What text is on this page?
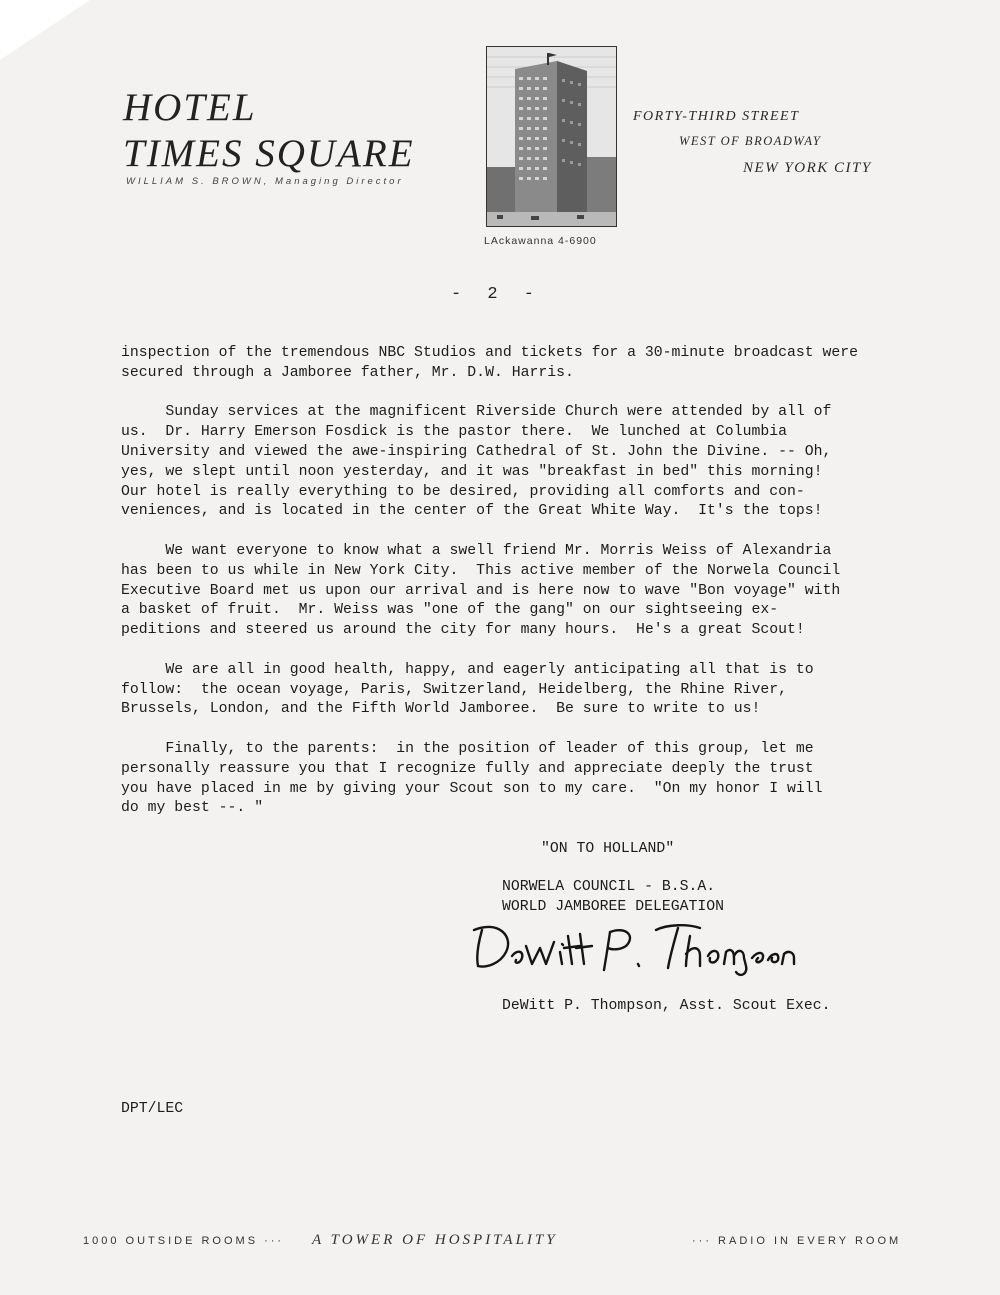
HOTEL
TIMES SQUARE
WILLIAM S. BROWN, Managing Director
LAckawanna 4-6900
FORTY-THIRD STREET
WEST OF BROADWAY
NEW YORK CITY
- 2 -

inspection of the tremendous NBC Studios and tickets for a 30-minute broadcast were
secured through a Jamboree father, Mr. D.W. Harris.

Sunday services at the magnificent Riverside Church were attended by all of
us.  Dr. Harry Emerson Fosdick is the pastor there.  We lunched at Columbia
University and viewed the awe-inspiring Cathedral of St. John the Divine. -- Oh,
yes, we slept until noon yesterday, and it was "breakfast in bed" this morning!
Our hotel is really everything to be desired, providing all comforts and con-
veniences, and is located in the center of the Great White Way.  It's the tops!

We want everyone to know what a swell friend Mr. Morris Weiss of Alexandria
has been to us while in New York City.  This active member of the Norwela Council
Executive Board met us upon our arrival and is here now to wave "Bon voyage" with
a basket of fruit.  Mr. Weiss was "one of the gang" on our sightseeing ex-
peditions and steered us around the city for many hours.  He's a great Scout!

We are all in good health, happy, and eagerly anticipating all that is to
follow:  the ocean voyage, Paris, Switzerland, Heidelberg, the Rhine River,
Brussels, London, and the Fifth World Jamboree.  Be sure to write to us!

Finally, to the parents:  in the position of leader of this group, let me
personally reassure you that I recognize fully and appreciate deeply the trust
you have placed in me by giving your Scout son to my care.  "On my honor I will
do my best --. "

"ON TO HOLLAND"
NORWELA COUNCIL - B.S.A.
WORLD JAMBOREE DELEGATION
DeWitt P. Thompson, Asst. Scout Exec.
DPT/LEC
1000 OUTSIDE ROOMS ··· A TOWER OF HOSPITALITY	··· RADIO IN EVERY ROOM
